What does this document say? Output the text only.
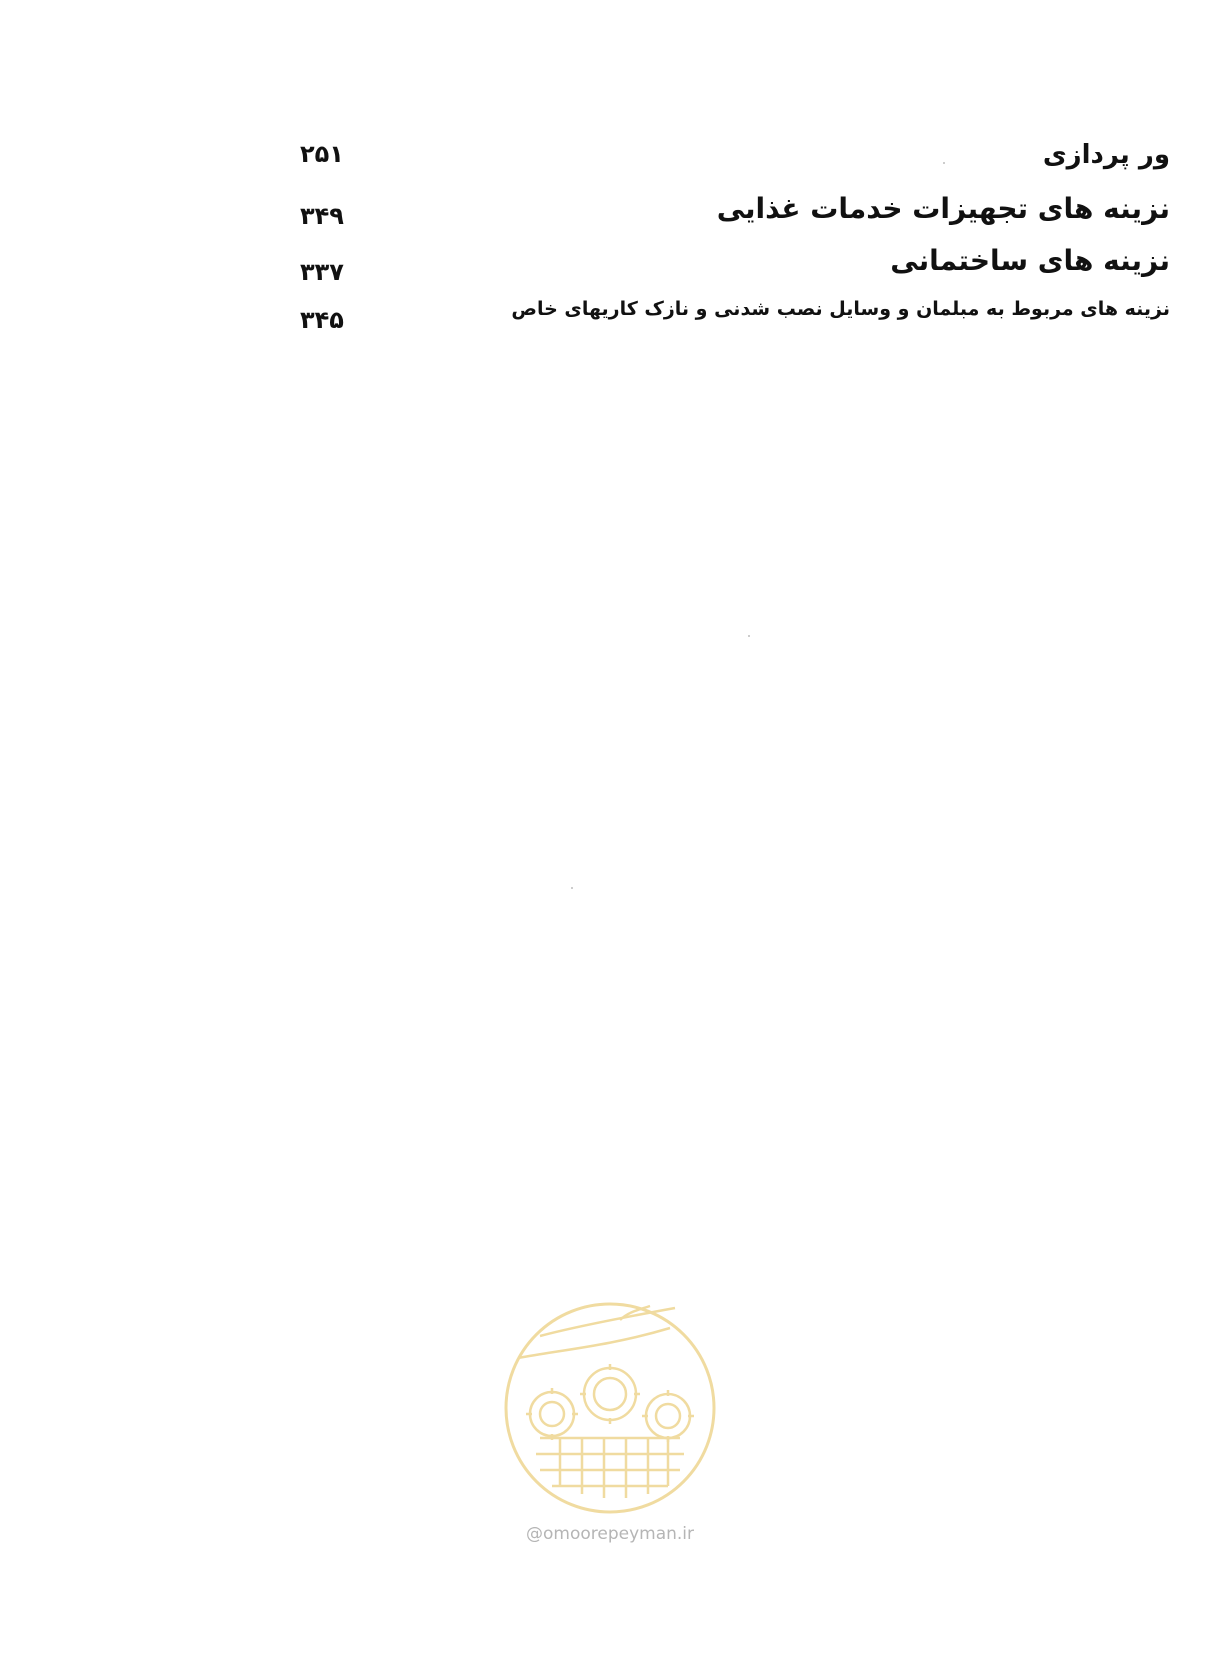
ور پردازی
۲۵۱
نزینه های تجهیزات خدمات غذایی
۳۴۹
نزینه های ساختمانی
۳۳۷
نزینه های مربوط به مبلمان و وسایل نصب شدنی و نازک کاریهای خاص
۳۴۵
@omoorepeyman.ir
